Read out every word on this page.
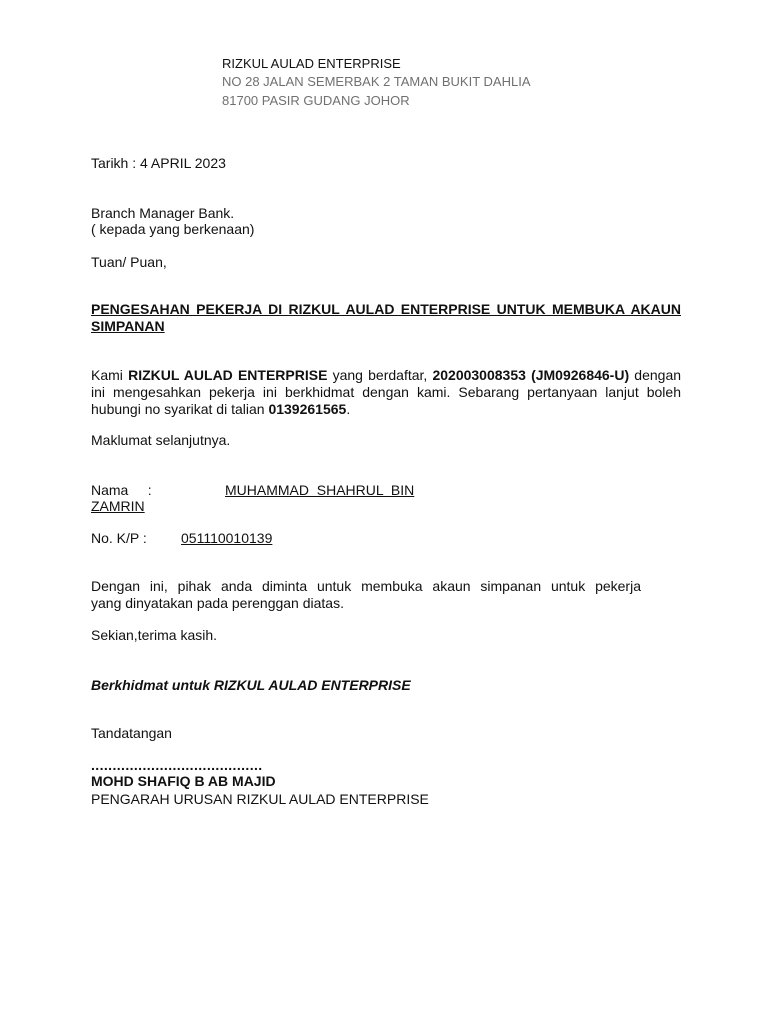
RIZKUL AULAD ENTERPRISE
NO 28 JALAN SEMERBAK 2 TAMAN BUKIT DAHLIA
81700 PASIR GUDANG JOHOR
Tarikh : 4 APRIL 2023
Branch Manager Bank.
( kepada yang berkenaan)
Tuan/ Puan,
PENGESAHAN PEKERJA DI RIZKUL AULAD ENTERPRISE UNTUK MEMBUKA AKAUN
SIMPANAN
Kami RIZKUL AULAD ENTERPRISE yang berdaftar, 202003008353 (JM0926846-U) dengan ini mengesahkan pekerja ini berkhidmat dengan kami. Sebarang pertanyaan lanjut boleh hubungi no syarikat di talian 0139261565.
Maklumat selanjutnya.
Nama     :	MUHAMMAD  SHAHRUL  BIN
ZAMRIN
No. K/P : 051110010139
Dengan ini, pihak anda diminta untuk membuka akaun simpanan untuk pekerja
yang dinyatakan pada perenggan diatas.
Sekian,terima kasih.
Berkhidmat untuk RIZKUL AULAD ENTERPRISE
Tandatangan
........................................
MOHD SHAFIQ B AB MAJID
PENGARAH URUSAN RIZKUL AULAD ENTERPRISE
